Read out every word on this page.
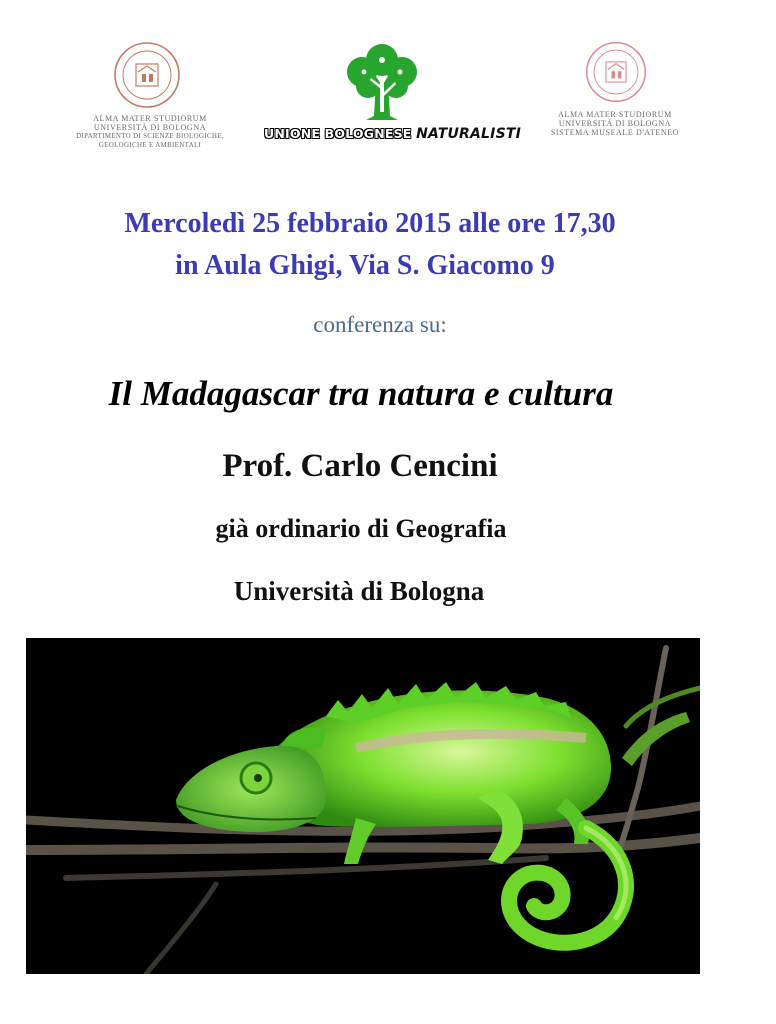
ALMA MATER STUDIORUM
UNIVERSITÀ DI BOLOGNA
DIPARTIMENTO DI SCIENZE BIOLOGICHE,
GEOLOGICHE E AMBIENTALI
UNIONE BOLOGNESE NATURALISTI
ALMA MATER STUDIORUM
UNIVERSITÀ DI BOLOGNA
SISTEMA MUSEALE D'ATENEO
Mercoledì 25 febbraio 2015 alle ore 17,30
in Aula Ghigi, Via S. Giacomo 9
conferenza su:
Il Madagascar tra natura e cultura
Prof. Carlo Cencini
già ordinario di Geografia
Università di Bologna
